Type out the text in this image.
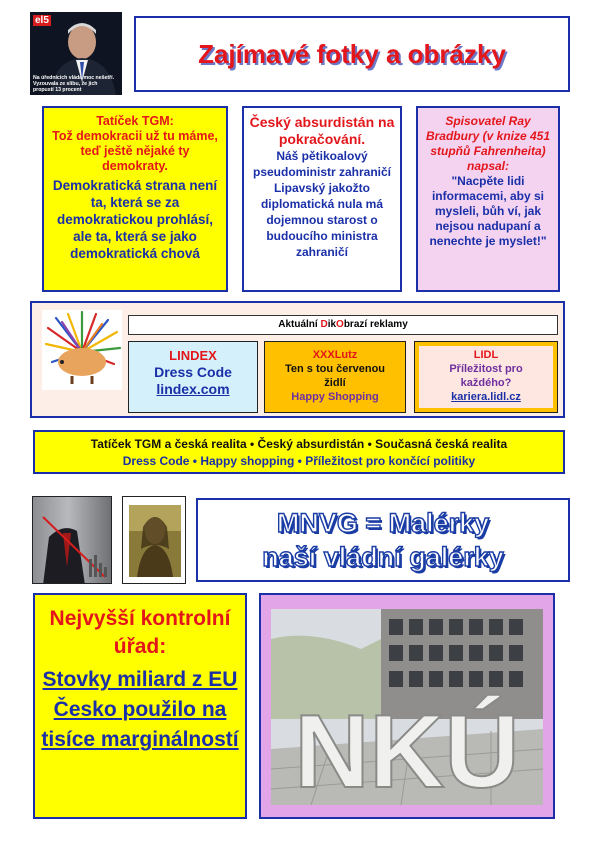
el5
Na úřednících vláda moc nešetří. Vyzouvala ze slibu, že jich propustí 13 procent
Zajímavé fotky a obrázky
Tatíček TGM:
Tož demokracii už tu máme, teď ještě nějaké ty demokraty.
Demokratická strana není ta, která se za demokratickou prohlásí, ale ta, která se jako demokratická chová
Český absurdistán na pokračování.
Náš pětikoalový pseudoministr zahraničí Lipavský jakožto diplomatická nula má dojemnou starost o budoucího ministra zahraničí
Spisovatel Ray Bradbury (v knize 451 stupňů Fahrenheita) napsal:
"Nacpěte lidi informacemi, aby si mysleli, bůh ví, jak nejsou nadupaní a nenechte je myslet!"
Aktuální DikObrazí reklamy
LINDEX
Dress Code
lindex.com
XXXLutz
Ten s tou červenou židlí
Happy Shopping
LIDL
Příležitost pro každého?
kariera.lidl.cz
Tatíček TGM a česká realita • Český absurdistán • Současná česká realita
Dress Code • Happy shopping • Příležitost pro končící politiky
MNVG = Malérky
naší vládní galérky
Nejvyšší kontrolní úřad:
Stovky miliard z EU Česko použilo na tisíce marginálností NKÚ
